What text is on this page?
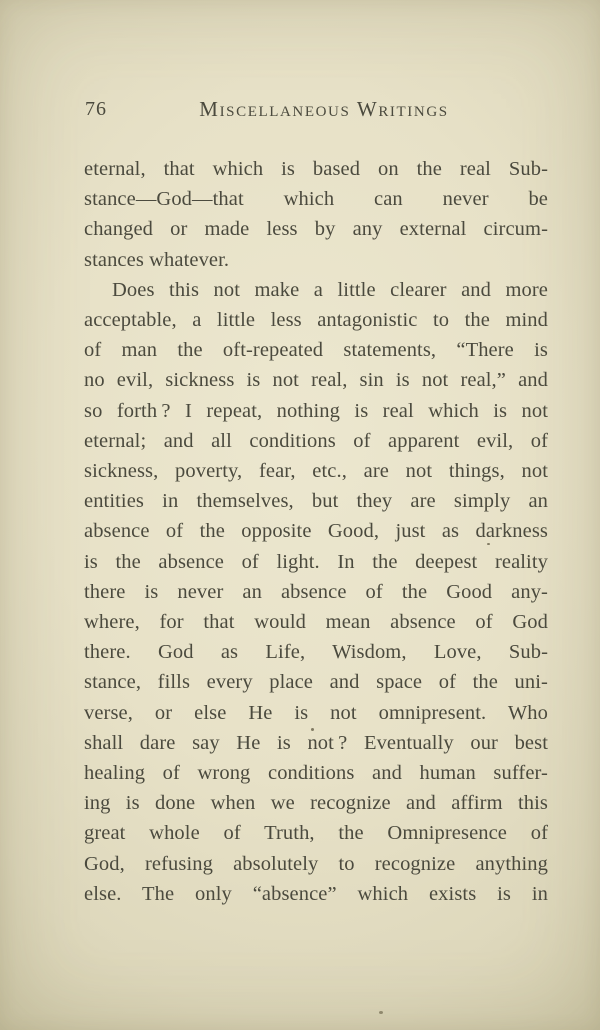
76	Miscellaneous Writings
eternal, that which is based on the real Sub-
stance—God—that which can never be
changed or made less by any external circum-
stances whatever.
Does this not make a little clearer and more
acceptable, a little less antagonistic to the mind
of man the oft-repeated statements, “There is
no evil, sickness is not real, sin is not real,” and
so forth ? I repeat, nothing is real which is not
eternal; and all conditions of apparent evil, of
sickness, poverty, fear, etc., are not things, not
entities in themselves, but they are simply an
absence of the opposite Good, just as darkness
is the absence of light. In the deepest reality
there is never an absence of the Good any-
where, for that would mean absence of God
there. God as Life, Wisdom, Love, Sub-
stance, fills every place and space of the uni-
verse, or else He is not omnipresent. Who
shall dare say He is not ? Eventually our best
healing of wrong conditions and human suffer-
ing is done when we recognize and affirm this
great whole of Truth, the Omnipresence of
God, refusing absolutely to recognize anything
else. The only “absence” which exists is in
